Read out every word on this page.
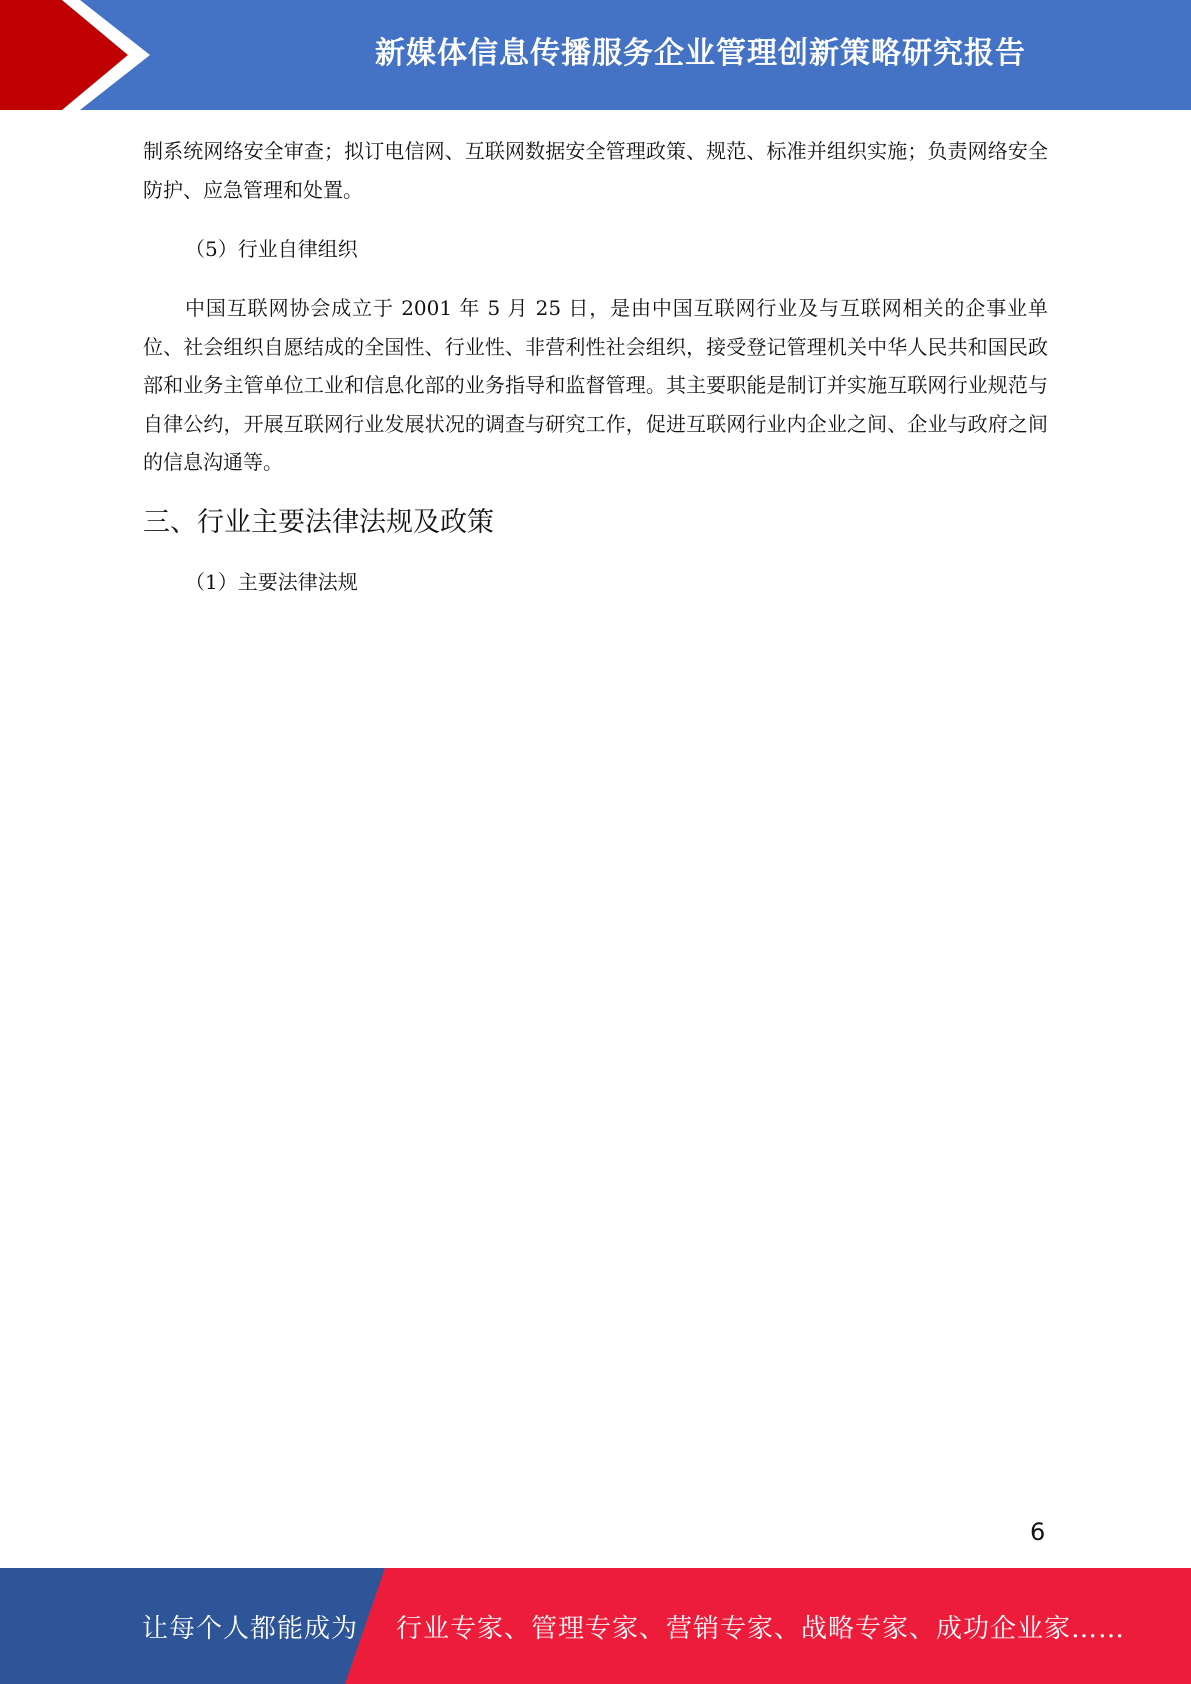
新媒体信息传播服务企业管理创新策略研究报告

制系统网络安全审查；拟订电信网、互联网数据安全管理政策、规范、标准并组织实施；负责网络安全防护、应急管理和处置。

（5）行业自律组织

中国互联网协会成立于 2001 年 5 月 25 日，是由中国互联网行业及与互联网相关的企事业单位、社会组织自愿结成的全国性、行业性、非营利性社会组织，接受登记管理机关中华人民共和国民政部和业务主管单位工业和信息化部的业务指导和监督管理。其主要职能是制订并实施互联网行业规范与自律公约，开展互联网行业发展状况的调查与研究工作，促进互联网行业内企业之间、企业与政府之间的信息沟通等。

三、行业主要法律法规及政策

（1）主要法律法规

6
让每个人都能成为 行业专家、管理专家、营销专家、战略专家、成功企业家……
